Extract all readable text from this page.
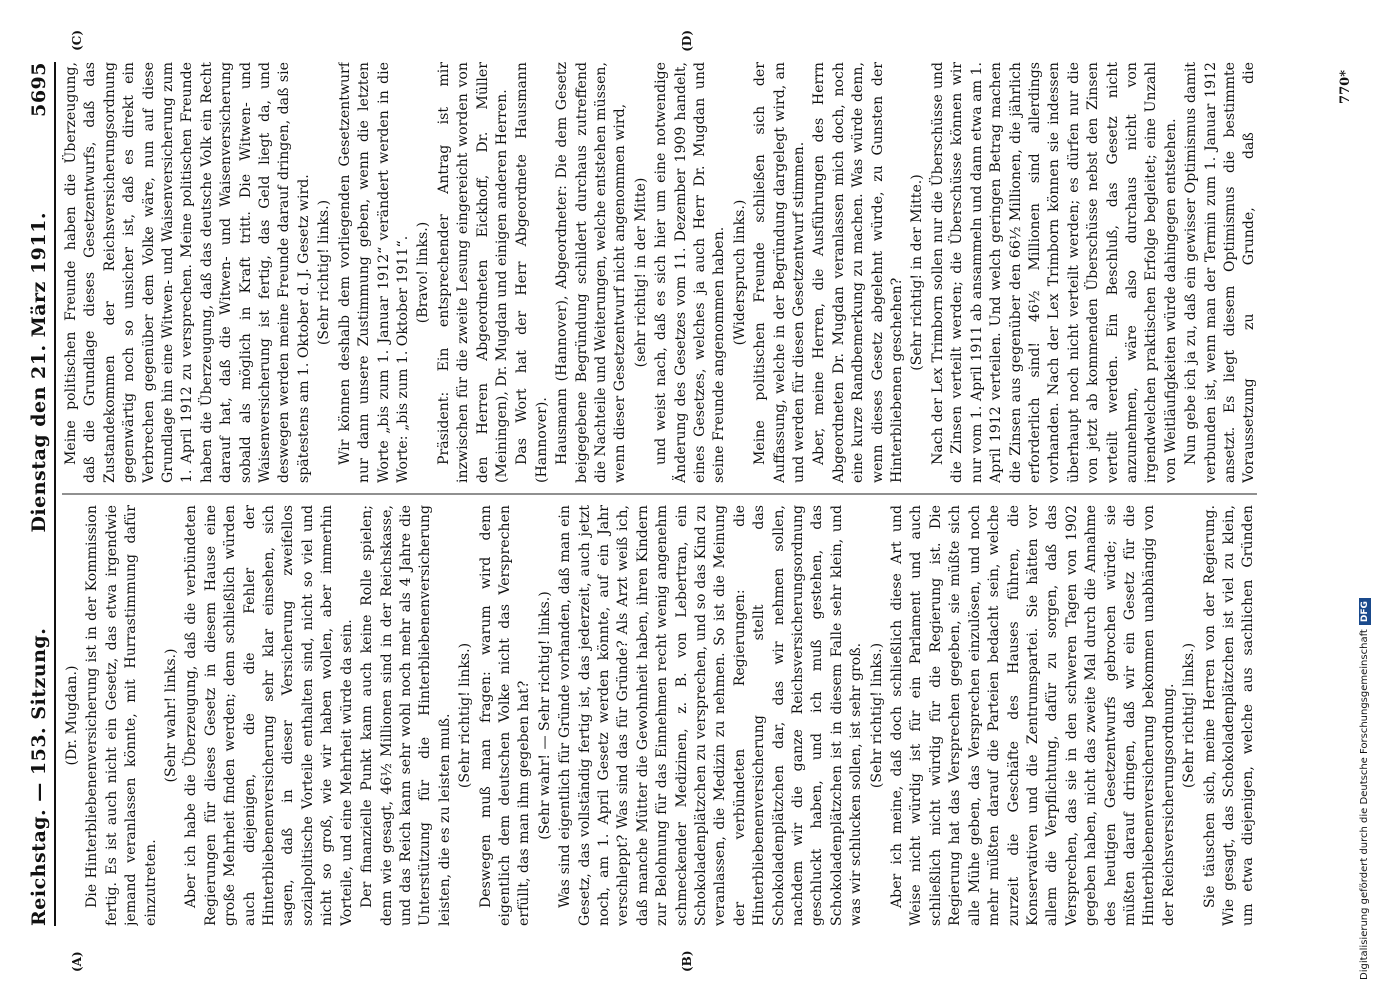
Reichstag. — 153. Sitzung.
Dienstag den 21. März 1911.
5695

(Dr. Mugdan.) Die Hinterbliebenenversicherung ist in der Kommission fertig. Es ist auch nicht ein Gesetz, das etwa irgendwie jemand veranlassen könnte, mit Hurrastimmung dafür einzutreten.

(Sehr wahr! links.) Aber ich habe die Überzeugung, daß die verbündeten Regierungen für dieses Gesetz in diesem Hause eine große Mehrheit finden werden; denn schließlich würden auch diejenigen, die die Fehler der Hinterbliebenenversicherung sehr klar einsehen, sich sagen, daß in dieser Versicherung zweifellos sozialpolitische Vorteile enthalten sind, nicht so viel und nicht so groß, wie wir haben wollen, aber immerhin Vorteile, und eine Mehrheit würde da sein. Der finanzielle Punkt kann auch keine Rolle spielen; denn wie gesagt, 46½ Millionen sind in der Reichskasse, und das Reich kann sehr wohl noch mehr als 4 Jahre die Unterstützung für die Hinterbliebenenversicherung leisten, die es zu leisten muß. (Sehr richtig! links.) Deswegen muß man fragen: warum wird denn eigentlich dem deutschen Volke nicht das Versprechen erfüllt, das man ihm gegeben hat? (Sehr wahr! — Sehr richtig! links.) Was sind eigentlich für Gründe vorhanden, daß man ein Gesetz, das vollständig fertig ist, das jederzeit, auch jetzt noch, am 1. April Gesetz werden könnte, auf ein Jahr verschleppt? Was sind das für Gründe? Als Arzt weiß ich, daß manche Mütter die Gewohnheit haben, ihren Kindern zur Belohnung für das Einnehmen recht wenig angenehm schmeckender Medizinen, z. B. von Lebertran, ein Schokoladenplätzchen zu versprechen, und so das Kind zu veranlassen, die Medizin zu nehmen. So ist die Meinung der verbündeten Regierungen: die Hinterbliebenenversicherung stellt das Schokoladenplätzchen dar, das wir nehmen sollen, nachdem wir die ganze Reichsversicherungsordnung geschluckt haben, und ich muß gestehen, das Schokoladenplätzchen ist in diesem Falle sehr klein, und was wir schlucken sollen, ist sehr groß. (Sehr richtig! links.) Aber ich meine, daß doch schließlich diese Art und Weise nicht würdig ist für ein Parlament und auch schließlich nicht würdig für die Regierung ist. Die Regierung hat das Versprechen gegeben, sie müßte sich alle Mühe geben, das Versprechen einzulösen, und noch mehr müßten darauf die Parteien bedacht sein, welche zurzeit die Geschäfte des Hauses führen, die Konservativen und die Zentrumspartei. Sie hätten vor allem die Verpflichtung, dafür zu sorgen, daß das Versprechen, das sie in den schweren Tagen von 1902 gegeben haben, nicht das zweite Mal durch die Annahme des heutigen Gesetzentwurfs gebrochen würde; sie müßten darauf dringen, daß wir ein Gesetz für die Hinterbliebenenversicherung bekommen unabhängig von der Reichsversicherungsordnung. (Sehr richtig! links.)

Sie täuschen sich, meine Herren von der Regierung. Wie gesagt, das Schokoladenplätzchen ist viel zu klein, um etwa diejenigen, welche aus sachlichen Gründen

Meine politischen Freunde haben die Überzeugung, daß die Grundlage dieses Gesetzentwurfs, daß das Zustandekommen der Reichsversicherungsordnung gegenwärtig noch so unsicher ist, daß es direkt ein Verbrechen gegenüber dem Volke wäre, nun auf diese Grundlage hin eine Witwen- und Waisenversicherung zum 1. April 1912 zu versprechen. Meine politischen Freunde haben die Überzeugung, daß das deutsche Volk ein Recht darauf hat, daß die Witwen- und Waisenversicherung sobald als möglich in Kraft tritt. Die Witwen- und Waisenversicherung ist fertig, das Geld liegt da, und deswegen werden meine Freunde darauf dringen, daß sie spätestens am 1. Oktober d. J. Gesetz wird. (Sehr richtig! links.) Wir können deshalb dem vorliegenden Gesetzentwurf nur dann unsere Zustimmung geben, wenn die letzten Worte „bis zum 1. Januar 1912“ verändert werden in die Worte: „bis zum 1. Oktober 1911“. (Bravo! links.) Präsident: Ein entsprechender Antrag ist mir inzwischen für die zweite Lesung eingereicht worden von den Herren Abgeordneten Eickhoff, Dr. Müller (Meiningen), Dr. Mugdan und einigen anderen Herren. Das Wort hat der Herr Abgeordnete Hausmann (Hannover). Hausmann (Hannover), Abgeordneter: Die dem Gesetz beigegebene Begründung schildert durchaus zutreffend die Nachteile und Weiterungen, welche entstehen müssen, wenn dieser Gesetzentwurf nicht angenommen wird, (sehr richtig! in der Mitte) und weist nach, daß es sich hier um eine notwendige Änderung des Gesetzes vom 11. Dezember 1909 handelt, eines Gesetzes, welches ja auch Herr Dr. Mugdan und seine Freunde angenommen haben. (Widerspruch links.) Meine politischen Freunde schließen sich der Auffassung, welche in der Begründung dargelegt wird, an und werden für diesen Gesetzentwurf stimmen. Aber, meine Herren, die Ausführungen des Herrn Abgeordneten Dr. Mugdan veranlassen mich doch, noch eine kurze Randbemerkung zu machen. Was würde denn, wenn dieses Gesetz abgelehnt würde, zu Gunsten der Hinterbliebenen geschehen?

(Sehr richtig! in der Mitte.) Nach der Lex Trimborn sollen nur die Überschüsse und die Zinsen verteilt werden; die Überschüsse können wir nur vom 1. April 1911 ab ansammeln und dann etwa am 1. April 1912 verteilen. Und welch geringen Betrag machen die Zinsen aus gegenüber den 66½ Millionen, die jährlich erforderlich sind! 46½ Millionen sind allerdings vorhanden. Nach der Lex Trimborn können sie indessen überhaupt noch nicht verteilt werden; es dürfen nur die von jetzt ab kommenden Überschüsse nebst den Zinsen verteilt werden. Ein Beschluß, das Gesetz nicht anzunehmen, wäre also durchaus nicht von irgendwelchen praktischen Erfolge begleitet; eine Unzahl von Weitläufigkeiten würde dahingegen entstehen. Nun gebe ich ja zu, daß ein gewisser Optimismus damit verbunden ist, wenn man der Termin zum 1. Januar 1912 ansetzt. Es liegt diesem Optimismus die bestimmte Voraussetzung zu Grunde, daß die

(A)	(B)
(C)	(D)
770*
Digitalisierung gefördert durch die Deutsche ForschungsgemeinschaftDFG
